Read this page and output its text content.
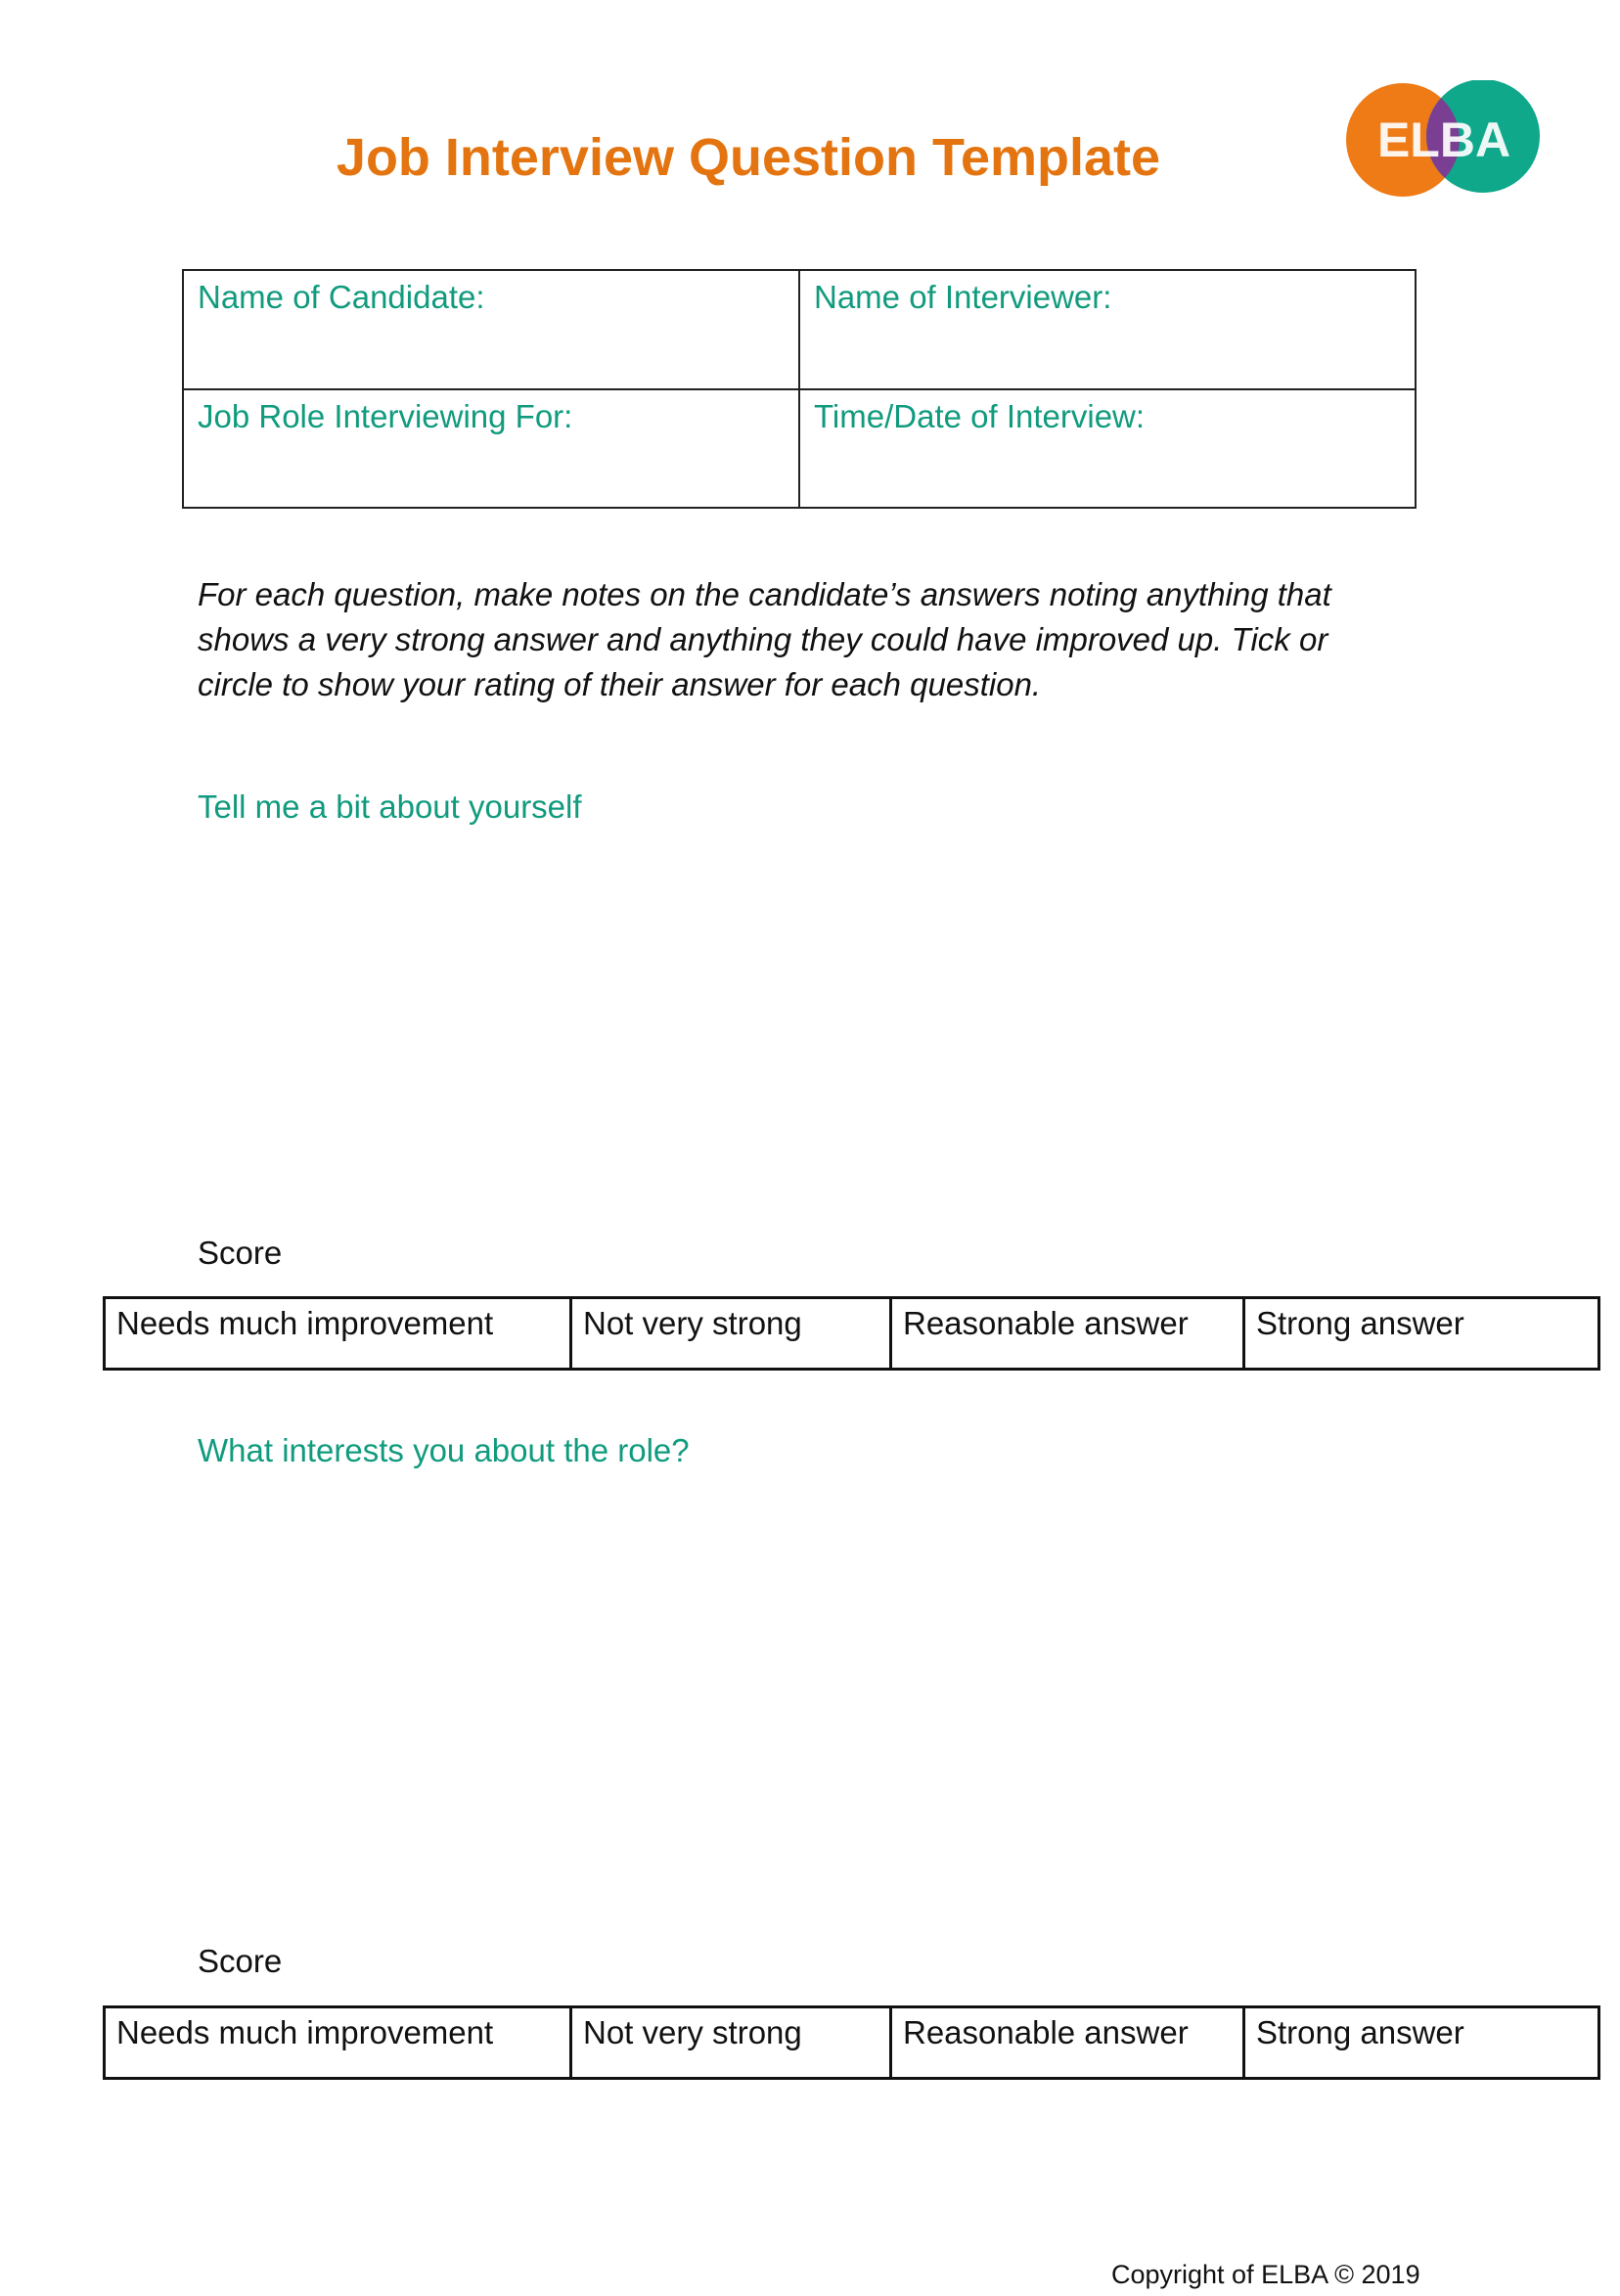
Job Interview Question Template	ELBA
Name of Candidate:	Name of Interviewer:
Job Role Interviewing For:	Time/Date of Interview:

For each question, make notes on the candidate’s answers noting anything that shows a very strong answer and anything they could have improved up. Tick or circle to show your rating of their answer for each question.

Tell me a bit about yourself

Score

Needs much improvement	Not very strong	Reasonable answer	Strong answer

What interests you about the role?

Score

Needs much improvement	Not very strong	Reasonable answer	Strong answer

Copyright of ELBA © 2019
